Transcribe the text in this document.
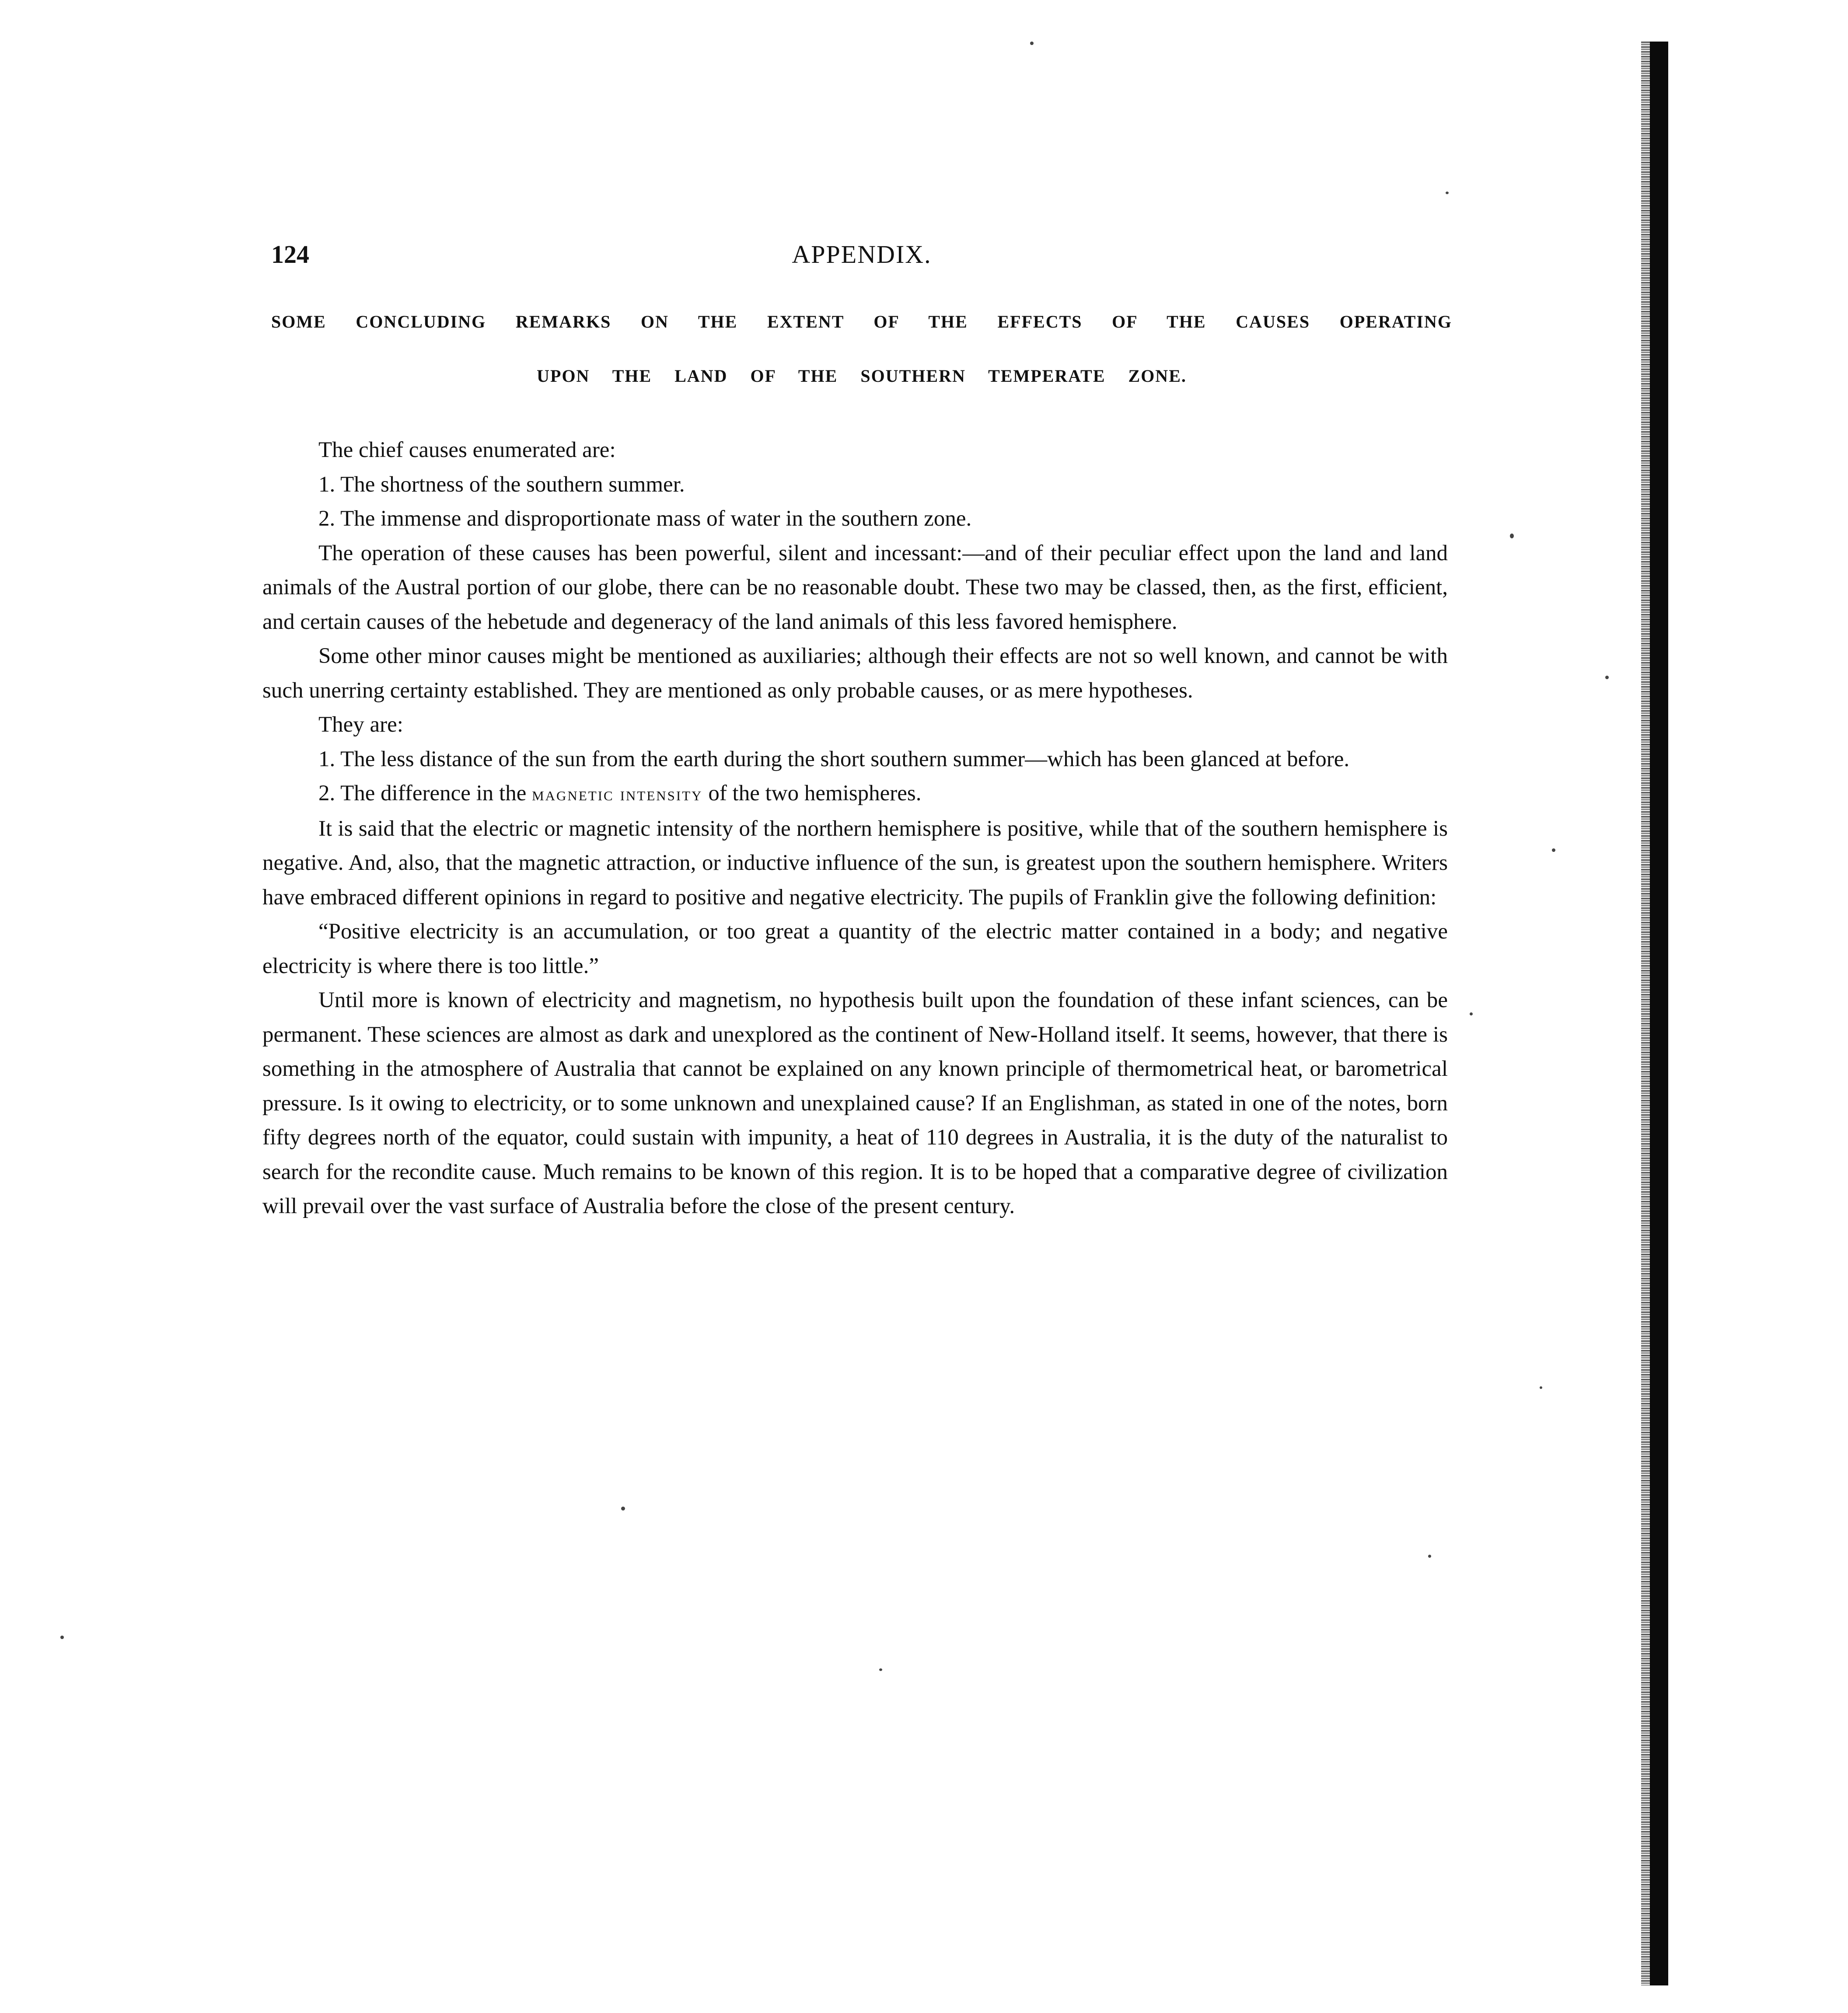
124	APPENDIX.
SOME CONCLUDING REMARKS ON THE EXTENT OF THE EFFECTS OF THE CAUSES OPERATING
UPON THE LAND OF THE SOUTHERN TEMPERATE ZONE.

The chief causes enumerated are:

1. The shortness of the southern summer.

2. The immense and disproportionate mass of water in the southern zone.

The operation of these causes has been powerful, silent and incessant:—and of their peculiar effect upon the land and land animals of the Austral portion of our globe, there can be no reasonable doubt. These two may be classed, then, as the first, efficient, and certain causes of the hebetude and degeneracy of the land animals of this less favored hemisphere.

Some other minor causes might be mentioned as auxiliaries; although their effects are not so well known, and cannot be with such unerring certainty established. They are mentioned as only probable causes, or as mere hypotheses.

They are:

1. The less distance of the sun from the earth during the short southern summer—which has been glanced at before.

2. The difference in the magnetic intensity of the two hemispheres.

It is said that the electric or magnetic intensity of the northern hemisphere is positive, while that of the southern hemisphere is negative. And, also, that the magnetic attraction, or inductive influence of the sun, is greatest upon the southern hemisphere. Writers have embraced different opinions in regard to positive and negative electricity. The pupils of Franklin give the following definition:

“Positive electricity is an accumulation, or too great a quantity of the electric matter contained in a body; and negative electricity is where there is too little.”

Until more is known of electricity and magnetism, no hypothesis built upon the foundation of these infant sciences, can be permanent. These sciences are almost as dark and unexplored as the continent of New-Holland itself. It seems, however, that there is something in the atmosphere of Australia that cannot be explained on any known principle of thermometrical heat, or barometrical pressure. Is it owing to electricity, or to some unknown and unexplained cause? If an Englishman, as stated in one of the notes, born fifty degrees north of the equator, could sustain with impunity, a heat of 110 degrees in Australia, it is the duty of the naturalist to search for the recondite cause. Much remains to be known of this region. It is to be hoped that a comparative degree of civilization will prevail over the vast surface of Australia before the close of the present century.
